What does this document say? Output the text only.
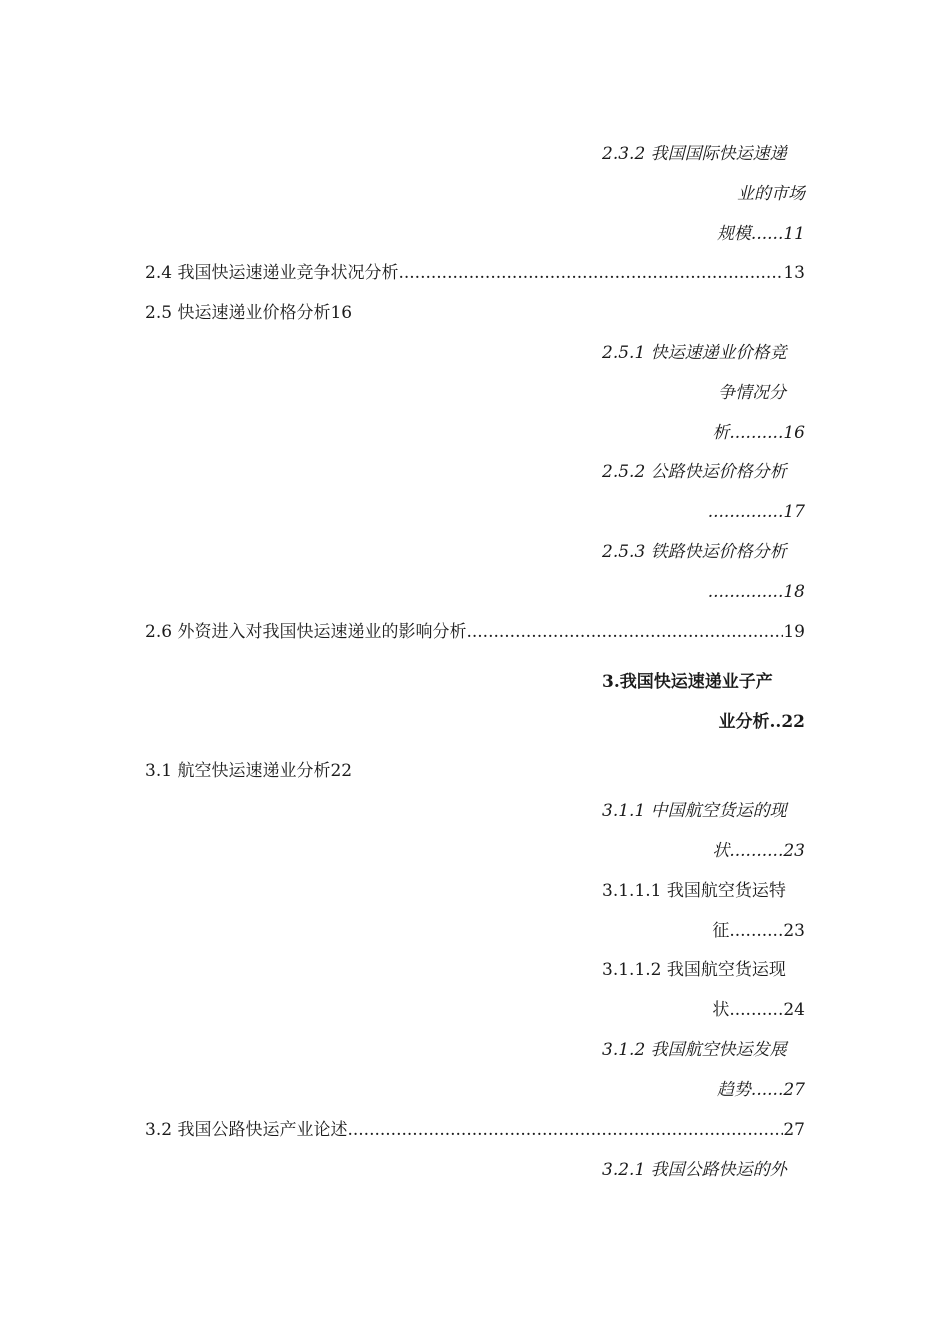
2.3.2 我国国际快运速递
业的市场
规模......11
2.4 我国快运速递业竞争状况分析 .....	13
2.5 快运速递业价格分析16
2.5.1 快运速递业价格竞
争情况分
析..........16
2.5.2 公路快运价格分析
..............17
2.5.3 铁路快运价格分析
..............18
2.6 外资进入对我国快运速递业的影响分析 .....	19
3.我国快运速递业子产
业分析..22
3.1 航空快运速递业分析22
3.1.1 中国航空货运的现
状..........23
3.1.1.1 我国航空货运特
征..........23
3.1.1.2 我国航空货运现
状..........24
3.1.2 我国航空快运发展
趋势......27
3.2 我国公路快运产业论述 .....	27
3.2.1 我国公路快运的外
